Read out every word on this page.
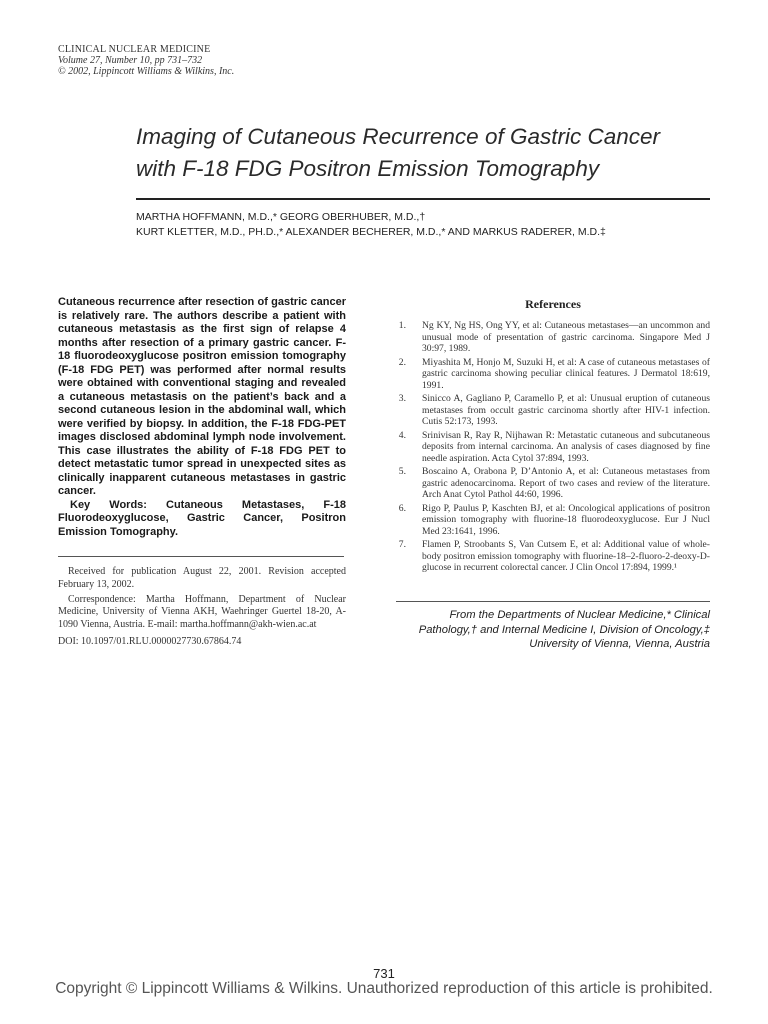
CLINICAL NUCLEAR MEDICINE
Volume 27, Number 10, pp 731–732
© 2002, Lippincott Williams & Wilkins, Inc.
Imaging of Cutaneous Recurrence of Gastric Cancer
with F-18 FDG Positron Emission Tomography
MARTHA HOFFMANN, M.D.,* GEORG OBERHUBER, M.D.,†
KURT KLETTER, M.D., PH.D.,* ALEXANDER BECHERER, M.D.,* AND MARKUS RADERER, M.D.‡

Cutaneous recurrence after resection of gastric cancer is relatively rare. The authors describe a patient with cutaneous metastasis as the first sign of relapse 4 months after resection of a primary gastric cancer. F-18 fluorodeoxyglucose positron emission tomography (F-18 FDG PET) was performed after normal results were obtained with conventional staging and revealed a cutaneous metastasis on the patient’s back and a second cutaneous lesion in the abdominal wall, which were verified by biopsy. In addition, the F-18 FDG-PET images disclosed abdominal lymph node involvement. This case illustrates the ability of F-18 FDG PET to detect metastatic tumor spread in unexpected sites as clinically inapparent cutaneous metastases in gastric cancer.

Key Words: Cutaneous Metastases, F-18 Fluorodeoxyglucose, Gastric Cancer, Positron Emission Tomography.

Received for publication August 22, 2001. Revision accepted February 13, 2002.

Correspondence: Martha Hoffmann, Department of Nuclear Medicine, University of Vienna AKH, Waehringer Guertel 18-20, A-1090 Vienna, Austria. E-mail: martha.hoffmann@akh-wien.ac.at

DOI: 10.1097/01.RLU.0000027730.67864.74

References
1. Ng KY, Ng HS, Ong YY, et al: Cutaneous metastases—an uncommon and unusual mode of presentation of gastric carcinoma. Singapore Med J 30:97, 1989.
2. Miyashita M, Honjo M, Suzuki H, et al: A case of cutaneous metastases of gastric carcinoma showing peculiar clinical features. J Dermatol 18:619, 1991.
3. Sinicco A, Gagliano P, Caramello P, et al: Unusual eruption of cutaneous metastases from occult gastric carcinoma shortly after HIV-1 infection. Cutis 52:173, 1993.
4. Srinivisan R, Ray R, Nijhawan R: Metastatic cutaneous and subcutaneous deposits from internal carcinoma. An analysis of cases diagnosed by fine needle aspiration. Acta Cytol 37:894, 1993.
5. Boscaino A, Orabona P, D’Antonio A, et al: Cutaneous metastases from gastric adenocarcinoma. Report of two cases and review of the literature. Arch Anat Cytol Pathol 44:60, 1996.
6. Rigo P, Paulus P, Kaschten BJ, et al: Oncological applications of positron emission tomography with fluorine-18 fluorodeoxyglucose. Eur J Nucl Med 23:1641, 1996.
7. Flamen P, Stroobants S, Van Cutsem E, et al: Additional value of whole-body positron emission tomography with fluorine-18–2-fluoro-2-deoxy-D-glucose in recurrent colorectal cancer. J Clin Oncol 17:894, 1999.¹
From the Departments of Nuclear Medicine,* Clinical
Pathology,† and Internal Medicine I, Division of Oncology,‡
University of Vienna, Vienna, Austria
731
Copyright © Lippincott Williams & Wilkins. Unauthorized reproduction of this article is prohibited.
